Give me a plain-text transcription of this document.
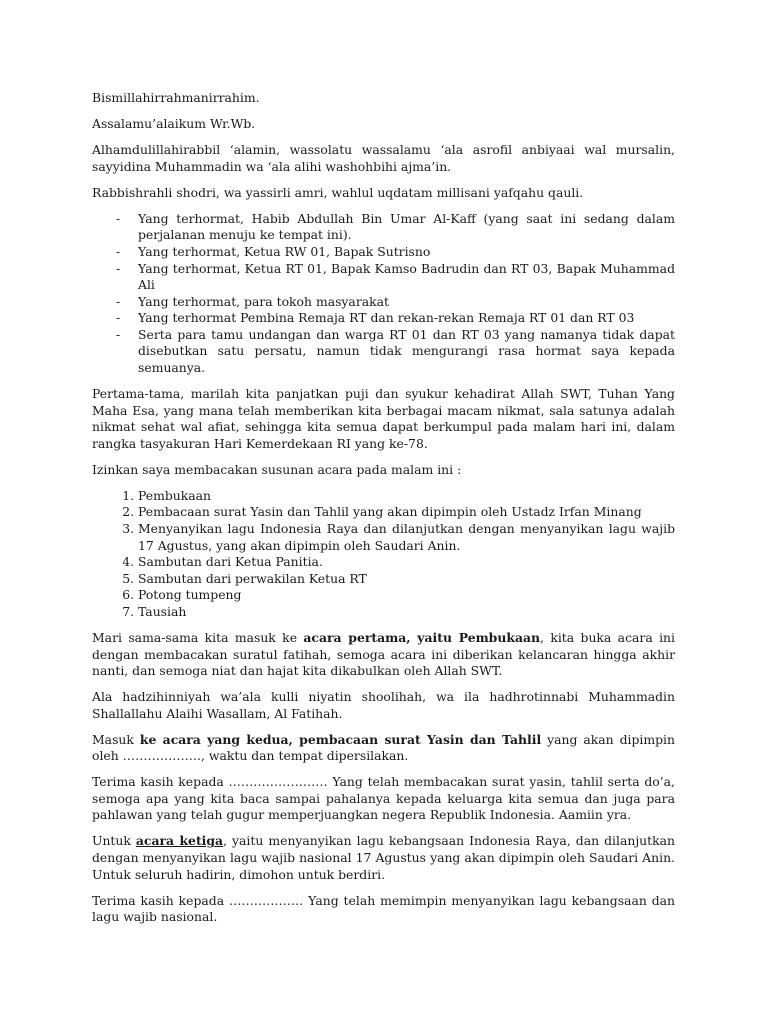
Bismillahirrahmanirrahim.

Assalamu’alaikum Wr.Wb.

Alhamdulillahirabbil ‘alamin, wassolatu wassalamu ‘ala asrofil anbiyaai wal mursalin, sayyidina Muhammadin wa ‘ala alihi washohbihi ajma’in.

Rabbishrahli shodri, wa yassirli amri, wahlul uqdatam millisani yafqahu qauli.

- Yang terhormat, Habib Abdullah Bin Umar Al-Kaff (yang saat ini sedang dalam perjalanan menuju ke tempat ini).
- Yang terhormat, Ketua RW 01, Bapak Sutrisno
- Yang terhormat, Ketua RT 01, Bapak Kamso Badrudin dan RT 03, Bapak Muhammad Ali
- Yang terhormat, para tokoh masyarakat
- Yang terhormat Pembina Remaja RT dan rekan-rekan Remaja RT 01 dan RT 03
- Serta para tamu undangan dan warga RT 01 dan RT 03 yang namanya tidak dapat disebutkan satu persatu, namun tidak mengurangi rasa hormat saya kepada semuanya.

Pertama-tama, marilah kita panjatkan puji dan syukur kehadirat Allah SWT, Tuhan Yang Maha Esa, yang mana telah memberikan kita berbagai macam nikmat, sala satunya adalah nikmat sehat wal afiat, sehingga kita semua dapat berkumpul pada malam hari ini, dalam rangka tasyakuran Hari Kemerdekaan RI yang ke-78.

Izinkan saya membacakan susunan acara pada malam ini :

1. Pembukaan
2. Pembacaan surat Yasin dan Tahlil yang akan dipimpin oleh Ustadz Irfan Minang
3. Menyanyikan lagu Indonesia Raya dan dilanjutkan dengan menyanyikan lagu wajib 17 Agustus, yang akan dipimpin oleh Saudari Anin.
4. Sambutan dari Ketua Panitia.
5. Sambutan dari perwakilan Ketua RT
6. Potong tumpeng
7. Tausiah

Mari sama-sama kita masuk ke acara pertama, yaitu Pembukaan, kita buka acara ini dengan membacakan suratul fatihah, semoga acara ini diberikan kelancaran hingga akhir nanti, dan semoga niat dan hajat kita dikabulkan oleh Allah SWT.

Ala hadzihinniyah wa’ala kulli niyatin shoolihah, wa ila hadhrotinnabi Muhammadin Shallallahu Alaihi Wasallam, Al Fatihah.

Masuk ke acara yang kedua, pembacaan surat Yasin dan Tahlil yang akan dipimpin oleh ………………., waktu dan tempat dipersilakan.

Terima kasih kepada …………………… Yang telah membacakan surat yasin, tahlil serta do’a, semoga apa yang kita baca sampai pahalanya kepada keluarga kita semua dan juga para pahlawan yang telah gugur memperjuangkan negera Republik Indonesia. Aamiin yra.

Untuk acara ketiga, yaitu menyanyikan lagu kebangsaan Indonesia Raya, dan dilanjutkan dengan menyanyikan lagu wajib nasional 17 Agustus yang akan dipimpin oleh Saudari Anin. Untuk seluruh hadirin, dimohon untuk berdiri.

Terima kasih kepada ……………… Yang telah memimpin menyanyikan lagu kebangsaan dan lagu wajib nasional.
